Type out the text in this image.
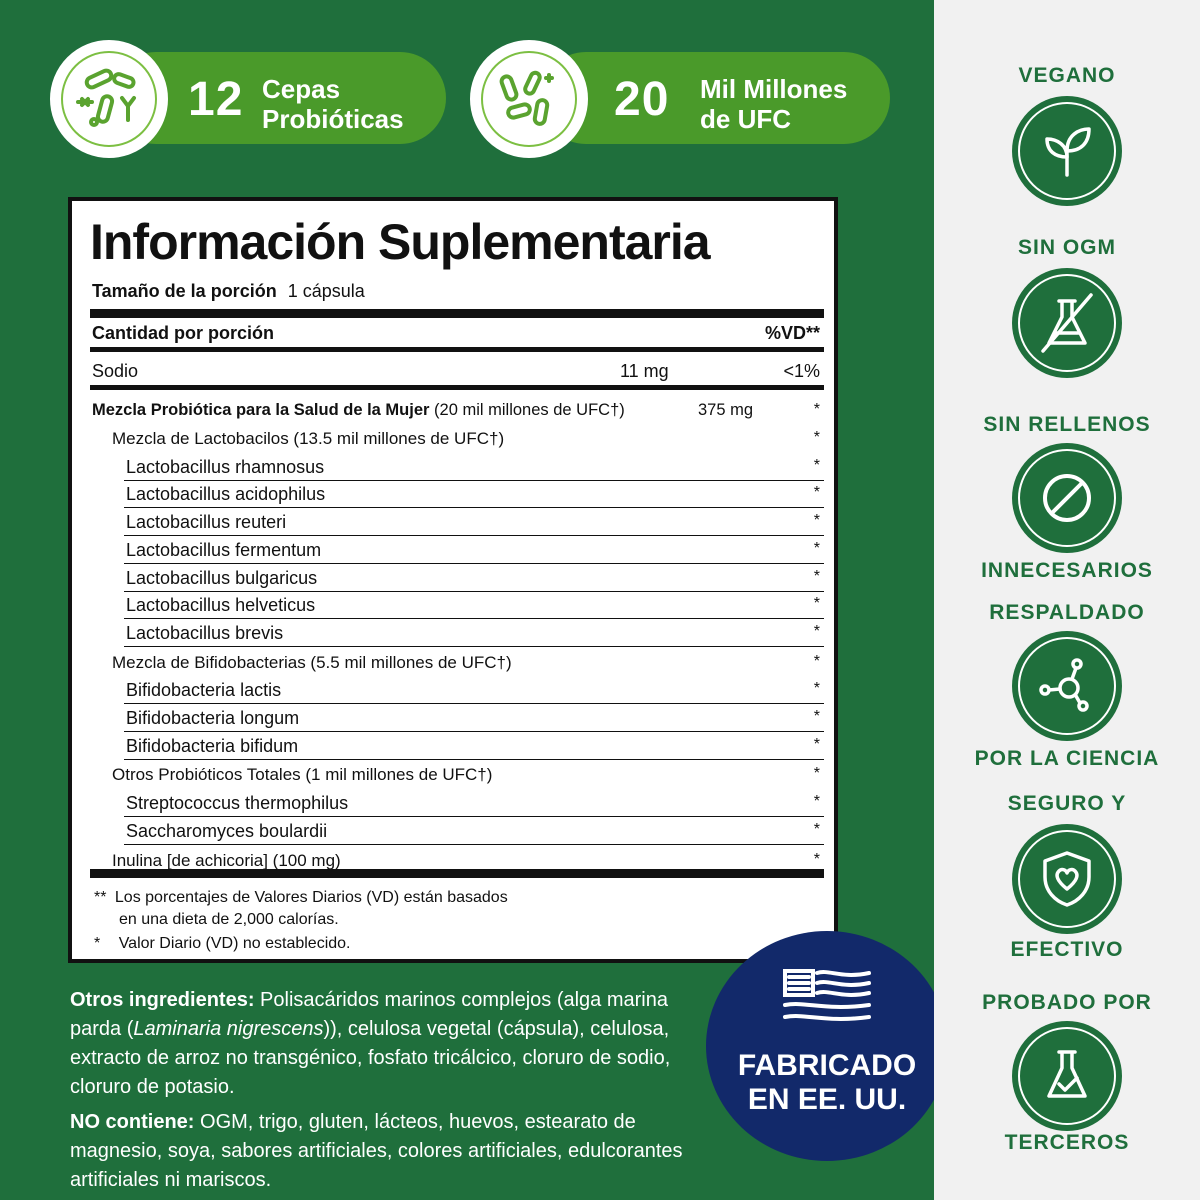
12 Cepas
Probióticas	20 Mil Millones
de UFC
Información Suplementaria
Tamaño de la porción 1 cápsula
Cantidad por porción	%VD**
Sodio	11 mg	<1%
Mezcla Probiótica para la Salud de la Mujer (20 mil millones de UFC†)	375 mg	*
Mezcla de Lactobacilos (13.5 mil millones de UFC†)	*
Lactobacillus rhamnosus	*
Lactobacillus acidophilus	*
Lactobacillus reuteri	*
Lactobacillus fermentum	*
Lactobacillus bulgaricus	*
Lactobacillus helveticus	*
Lactobacillus brevis	*
Mezcla de Bifidobacterias (5.5 mil millones de UFC†)	*
Bifidobacteria lactis	*
Bifidobacteria longum	*
Bifidobacteria bifidum	*
Otros Probióticos Totales (1 mil millones de UFC†)	*
Streptococcus thermophilus	*
Saccharomyces boulardii	*
Inulina [de achicoria] (100 mg)	*
** Los porcentajes de Valores Diarios (VD) están basados
en una dieta de 2,000 calorías.
* Valor Diario (VD) no establecido.
Otros ingredientes: Polisacáridos marinos complejos (alga marina parda (Laminaria nigrescens)), celulosa vegetal (cápsula), celulosa, extracto de arroz no transgénico, fosfato tricálcico, cloruro de sodio, cloruro de potasio.
NO contiene: OGM, trigo, gluten, lácteos, huevos, estearato de magnesio, soya, sabores artificiales, colores artificiales, edulcorantes artificiales ni mariscos.
FABRICADO
EN EE. UU.
VEGANO
SIN OGM
SIN RELLENOS
INNECESARIOS
RESPALDADO
POR LA CIENCIA
SEGURO Y
EFECTIVO
PROBADO POR
TERCEROS
